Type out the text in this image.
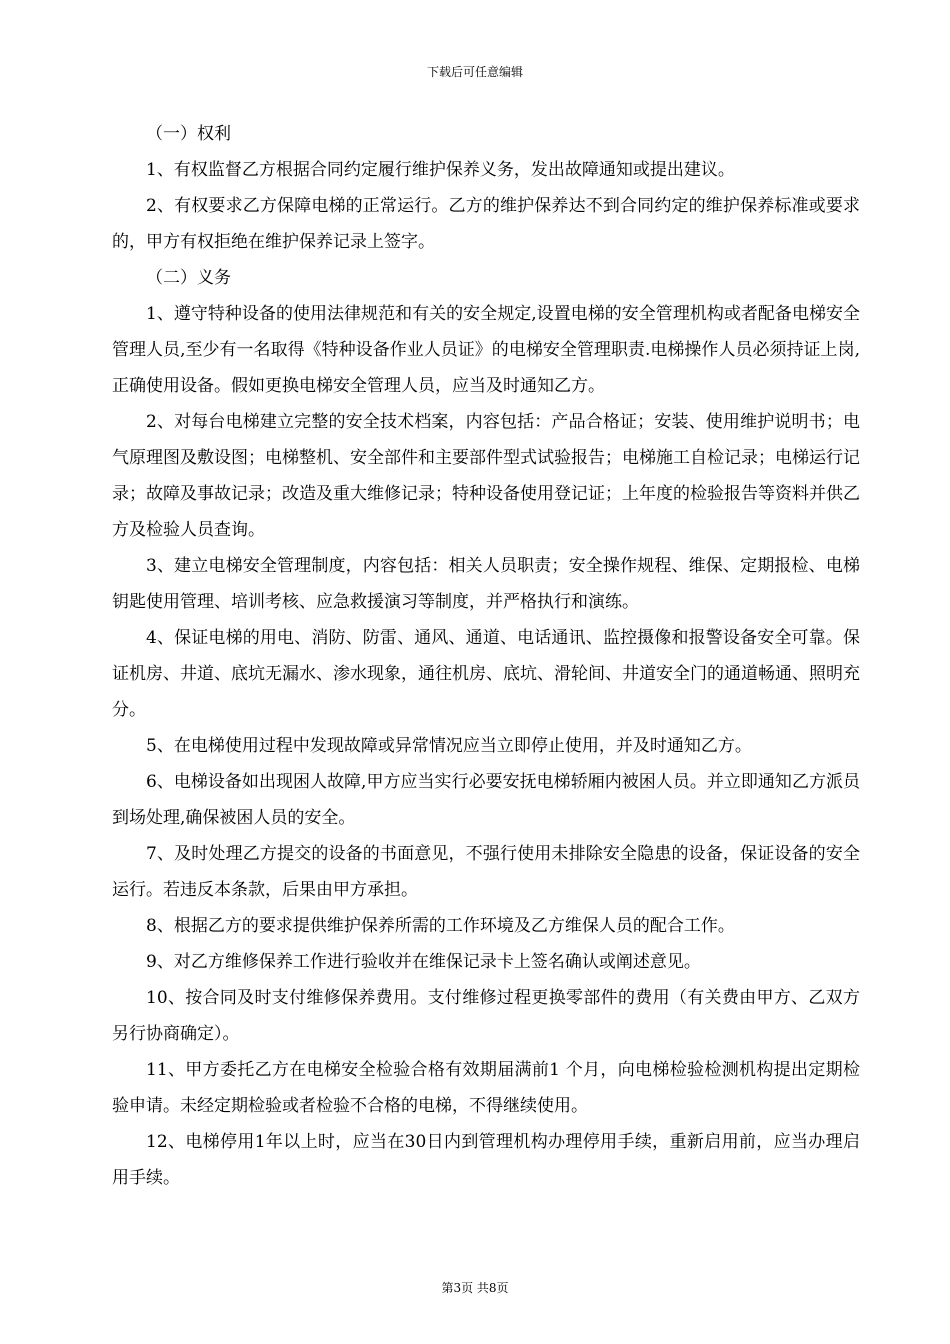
下载后可任意编辑

（一）权利

1、有权监督乙方根据合同约定履行维护保养义务，发出故障通知或提出建议。

2、有权要求乙方保障电梯的正常运行。乙方的维护保养达不到合同约定的维护保养标准或要求的，甲方有权拒绝在维护保养记录上签字。

（二）义务

1、遵守特种设备的使用法律规范和有关的安全规定,设置电梯的安全管理机构或者配备电梯安全管理人员,至少有一名取得《特种设备作业人员证》的电梯安全管理职责.电梯操作人员必须持证上岗,正确使用设备。假如更换电梯安全管理人员，应当及时通知乙方。

2、对每台电梯建立完整的安全技术档案，内容包括：产品合格证；安装、使用维护说明书；电气原理图及敷设图；电梯整机、安全部件和主要部件型式试验报告；电梯施工自检记录；电梯运行记录；故障及事故记录；改造及重大维修记录；特种设备使用登记证；上年度的检验报告等资料并供乙方及检验人员查询。

3、建立电梯安全管理制度，内容包括：相关人员职责；安全操作规程、维保、定期报检、电梯钥匙使用管理、培训考核、应急救援演习等制度，并严格执行和演练。

4、保证电梯的用电、消防、防雷、通风、通道、电话通讯、监控摄像和报警设备安全可靠。保证机房、井道、底坑无漏水、渗水现象，通往机房、底坑、滑轮间、井道安全门的通道畅通、照明充分。

5、在电梯使用过程中发现故障或异常情况应当立即停止使用，并及时通知乙方。

6、电梯设备如出现困人故障,甲方应当实行必要安抚电梯轿厢内被困人员。并立即通知乙方派员到场处理,确保被困人员的安全。

7、及时处理乙方提交的设备的书面意见，不强行使用未排除安全隐患的设备，保证设备的安全运行。若违反本条款，后果由甲方承担。

8、根据乙方的要求提供维护保养所需的工作环境及乙方维保人员的配合工作。

9、对乙方维修保养工作进行验收并在维保记录卡上签名确认或阐述意见。

10、按合同及时支付维修保养费用。支付维修过程更换零部件的费用（有关费由甲方、乙双方另行协商确定）。

11、甲方委托乙方在电梯安全检验合格有效期届满前1 个月，向电梯检验检测机构提出定期检验申请。未经定期检验或者检验不合格的电梯，不得继续使用。

12、电梯停用1年以上时，应当在30日内到管理机构办理停用手续，重新启用前，应当办理启用手续。

第3页 共8页
